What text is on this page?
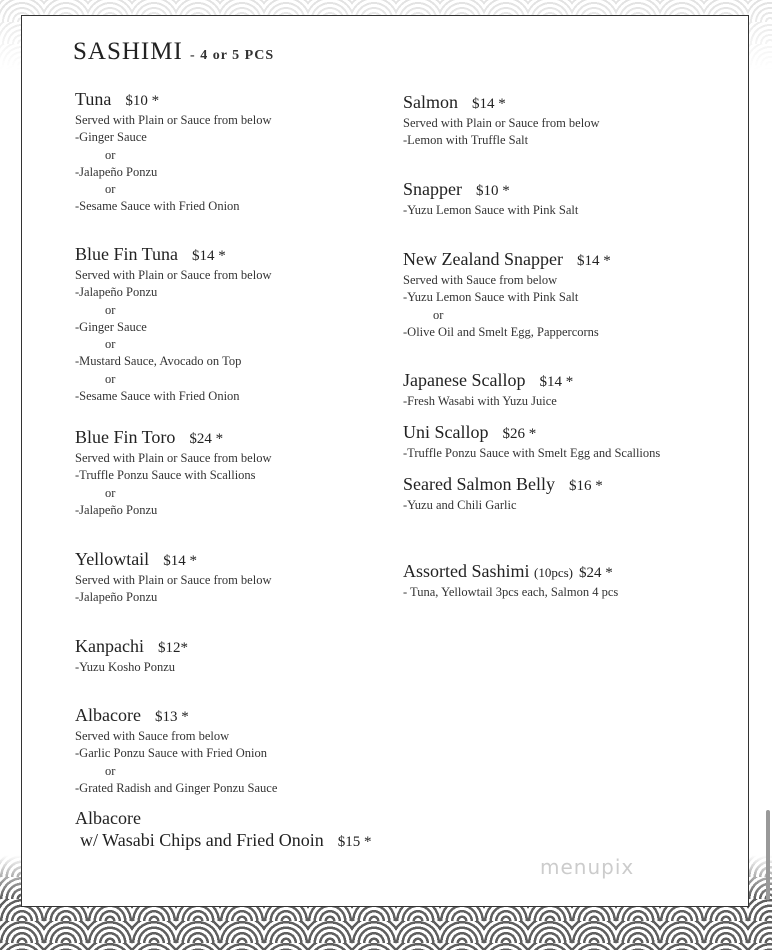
SASHIMI - 4 or 5 PCS
Tuna $10 *
Served with Plain or Sauce from below
-Ginger Sauce
or
-Jalapeño Ponzu
or
-Sesame Sauce with Fried Onion
Blue Fin Tuna $14 *
Served with Plain or Sauce from below
-Jalapeño Ponzu
or
-Ginger Sauce
or
-Mustard Sauce, Avocado on Top
or
-Sesame Sauce with Fried Onion
Blue Fin Toro $24 *
Served with Plain or Sauce from below
-Truffle Ponzu Sauce with Scallions
or
-Jalapeño Ponzu
Yellowtail $14 *
Served with Plain or Sauce from below
-Jalapeño Ponzu
Kanpachi $12*
-Yuzu Kosho Ponzu
Albacore $13 *
Served with Sauce from below
-Garlic Ponzu Sauce with Fried Onion
or
-Grated Radish and Ginger Ponzu Sauce
Salmon $14 *
Served with Plain or Sauce from below
-Lemon with Truffle Salt
Snapper $10 *
-Yuzu Lemon Sauce with Pink Salt
New Zealand Snapper $14 *
Served with Sauce from below
-Yuzu Lemon Sauce with Pink Salt
or
-Olive Oil and Smelt Egg, Pappercorns
Japanese Scallop $14 *
-Fresh Wasabi with Yuzu Juice
Uni Scallop $26 *
-Truffle Ponzu Sauce with Smelt Egg and Scallions
Seared Salmon Belly $16 *
-Yuzu and Chili Garlic
Albacore
w/ Wasabi Chips and Fried Onoin $15 *
Assorted Sashimi (10pcs) $24 *
- Tuna, Yellowtail 3pcs each, Salmon 4 pcs
menupix
